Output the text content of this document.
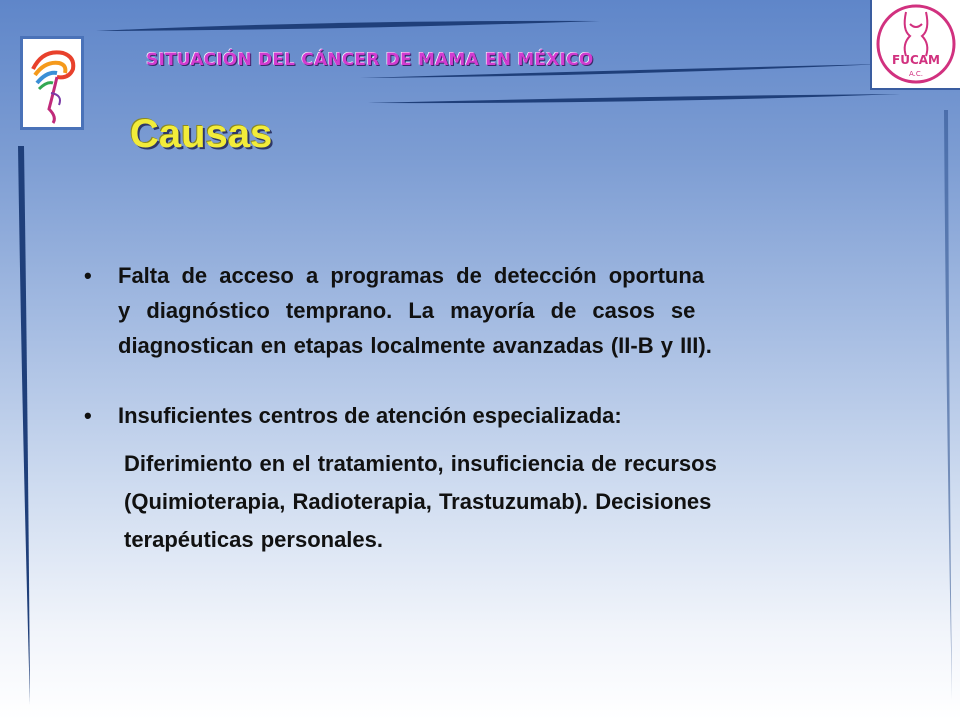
FUCAM
A.C.
SITUACIÓN DEL CÁNCER DE MAMA EN MÉXICO
Causas
•	Falta de acceso a programas de detección oportuna
y diagnóstico temprano. La mayoría de casos se
diagnostican en etapas localmente avanzadas (II-B y III).
•	Insuficientes centros de atención especializada:
Diferimiento en el tratamiento, insuficiencia de recursos
(Quimioterapia, Radioterapia, Trastuzumab). Decisiones
terapéuticas personales.
